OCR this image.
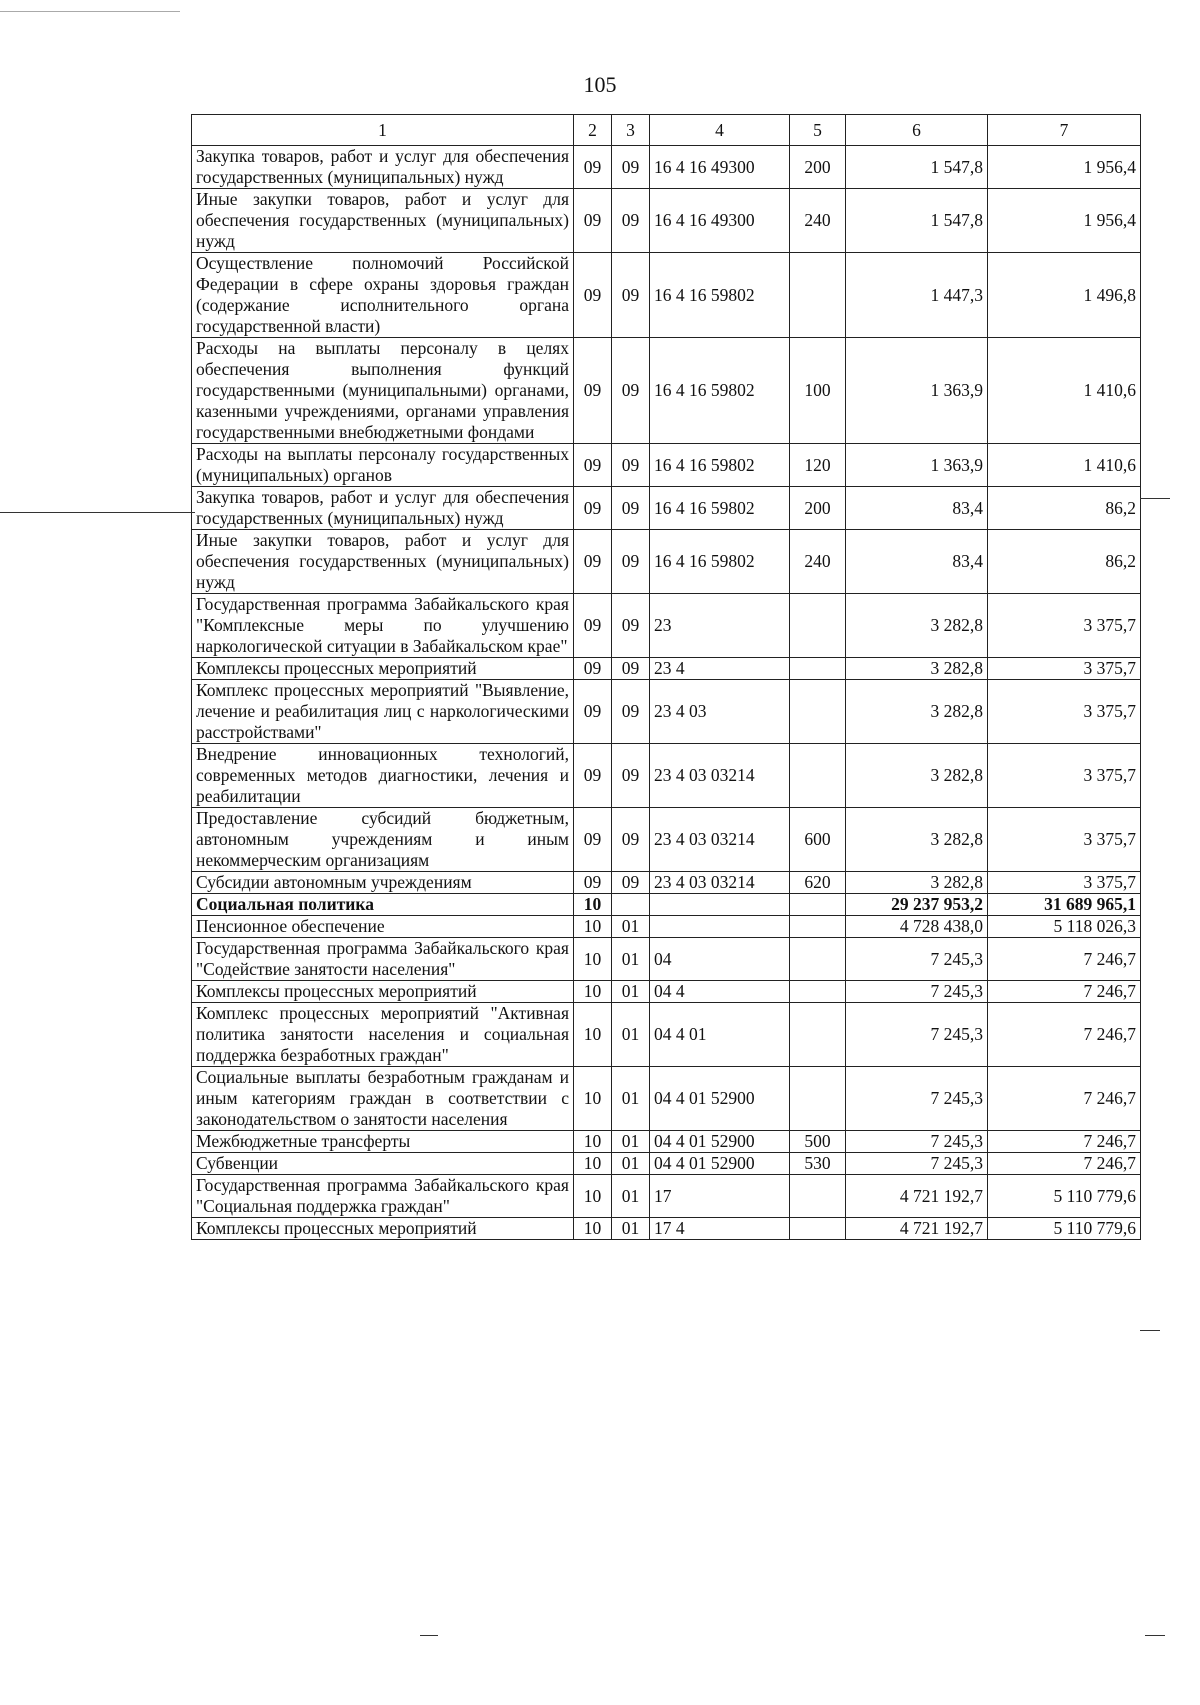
105
1	2	3	4	5	6	7
Закупка товаров, работ и услуг для обеспечения государственных (муниципальных) нужд	09	09	16 4 16 49300	200	1 547,8	1 956,4
Иные закупки товаров, работ и услуг для обеспечения государственных (муниципальных) нужд	09	09	16 4 16 49300	240	1 547,8	1 956,4
Осуществление полномочий Российской Федерации в сфере охраны здоровья граждан (содержание исполнительного органа государственной власти)	09	09	16 4 16 59802		1 447,3	1 496,8
Расходы на выплаты персоналу в целях обеспечения выполнения функций государственными (муниципальными) органами, казенными учреждениями, органами управления государственными внебюджетными фондами	09	09	16 4 16 59802	100	1 363,9	1 410,6
Расходы на выплаты персоналу государственных (муниципальных) органов	09	09	16 4 16 59802	120	1 363,9	1 410,6
Закупка товаров, работ и услуг для обеспечения государственных (муниципальных) нужд	09	09	16 4 16 59802	200	83,4	86,2
Иные закупки товаров, работ и услуг для обеспечения государственных (муниципальных) нужд	09	09	16 4 16 59802	240	83,4	86,2
Государственная программа Забайкальского края "Комплексные меры по улучшению наркологической ситуации в Забайкальском крае"	09	09	23		3 282,8	3 375,7
Комплексы процессных мероприятий	09	09	23 4		3 282,8	3 375,7
Комплекс процессных мероприятий "Выявление, лечение и реабилитация лиц с наркологическими расстройствами"	09	09	23 4 03		3 282,8	3 375,7
Внедрение инновационных технологий, современных методов диагностики, лечения и реабилитации	09	09	23 4 03 03214		3 282,8	3 375,7
Предоставление субсидий бюджетным, автономным учреждениям и иным некоммерческим организациям	09	09	23 4 03 03214	600	3 282,8	3 375,7
Субсидии автономным учреждениям	09	09	23 4 03 03214	620	3 282,8	3 375,7
Социальная политика	10				29 237 953,2	31 689 965,1
Пенсионное обеспечение	10	01			4 728 438,0	5 118 026,3
Государственная программа Забайкальского края "Содействие занятости населения"	10	01	04		7 245,3	7 246,7
Комплексы процессных мероприятий	10	01	04 4		7 245,3	7 246,7
Комплекс процессных мероприятий "Активная политика занятости населения и социальная поддержка безработных граждан"	10	01	04 4 01		7 245,3	7 246,7
Социальные выплаты безработным гражданам и иным категориям граждан в соответствии с законодательством о занятости населения	10	01	04 4 01 52900		7 245,3	7 246,7
Межбюджетные трансферты	10	01	04 4 01 52900	500	7 245,3	7 246,7
Субвенции	10	01	04 4 01 52900	530	7 245,3	7 246,7
Государственная программа Забайкальского края "Социальная поддержка граждан"	10	01	17		4 721 192,7	5 110 779,6
Комплексы процессных мероприятий	10	01	17 4		4 721 192,7	5 110 779,6
